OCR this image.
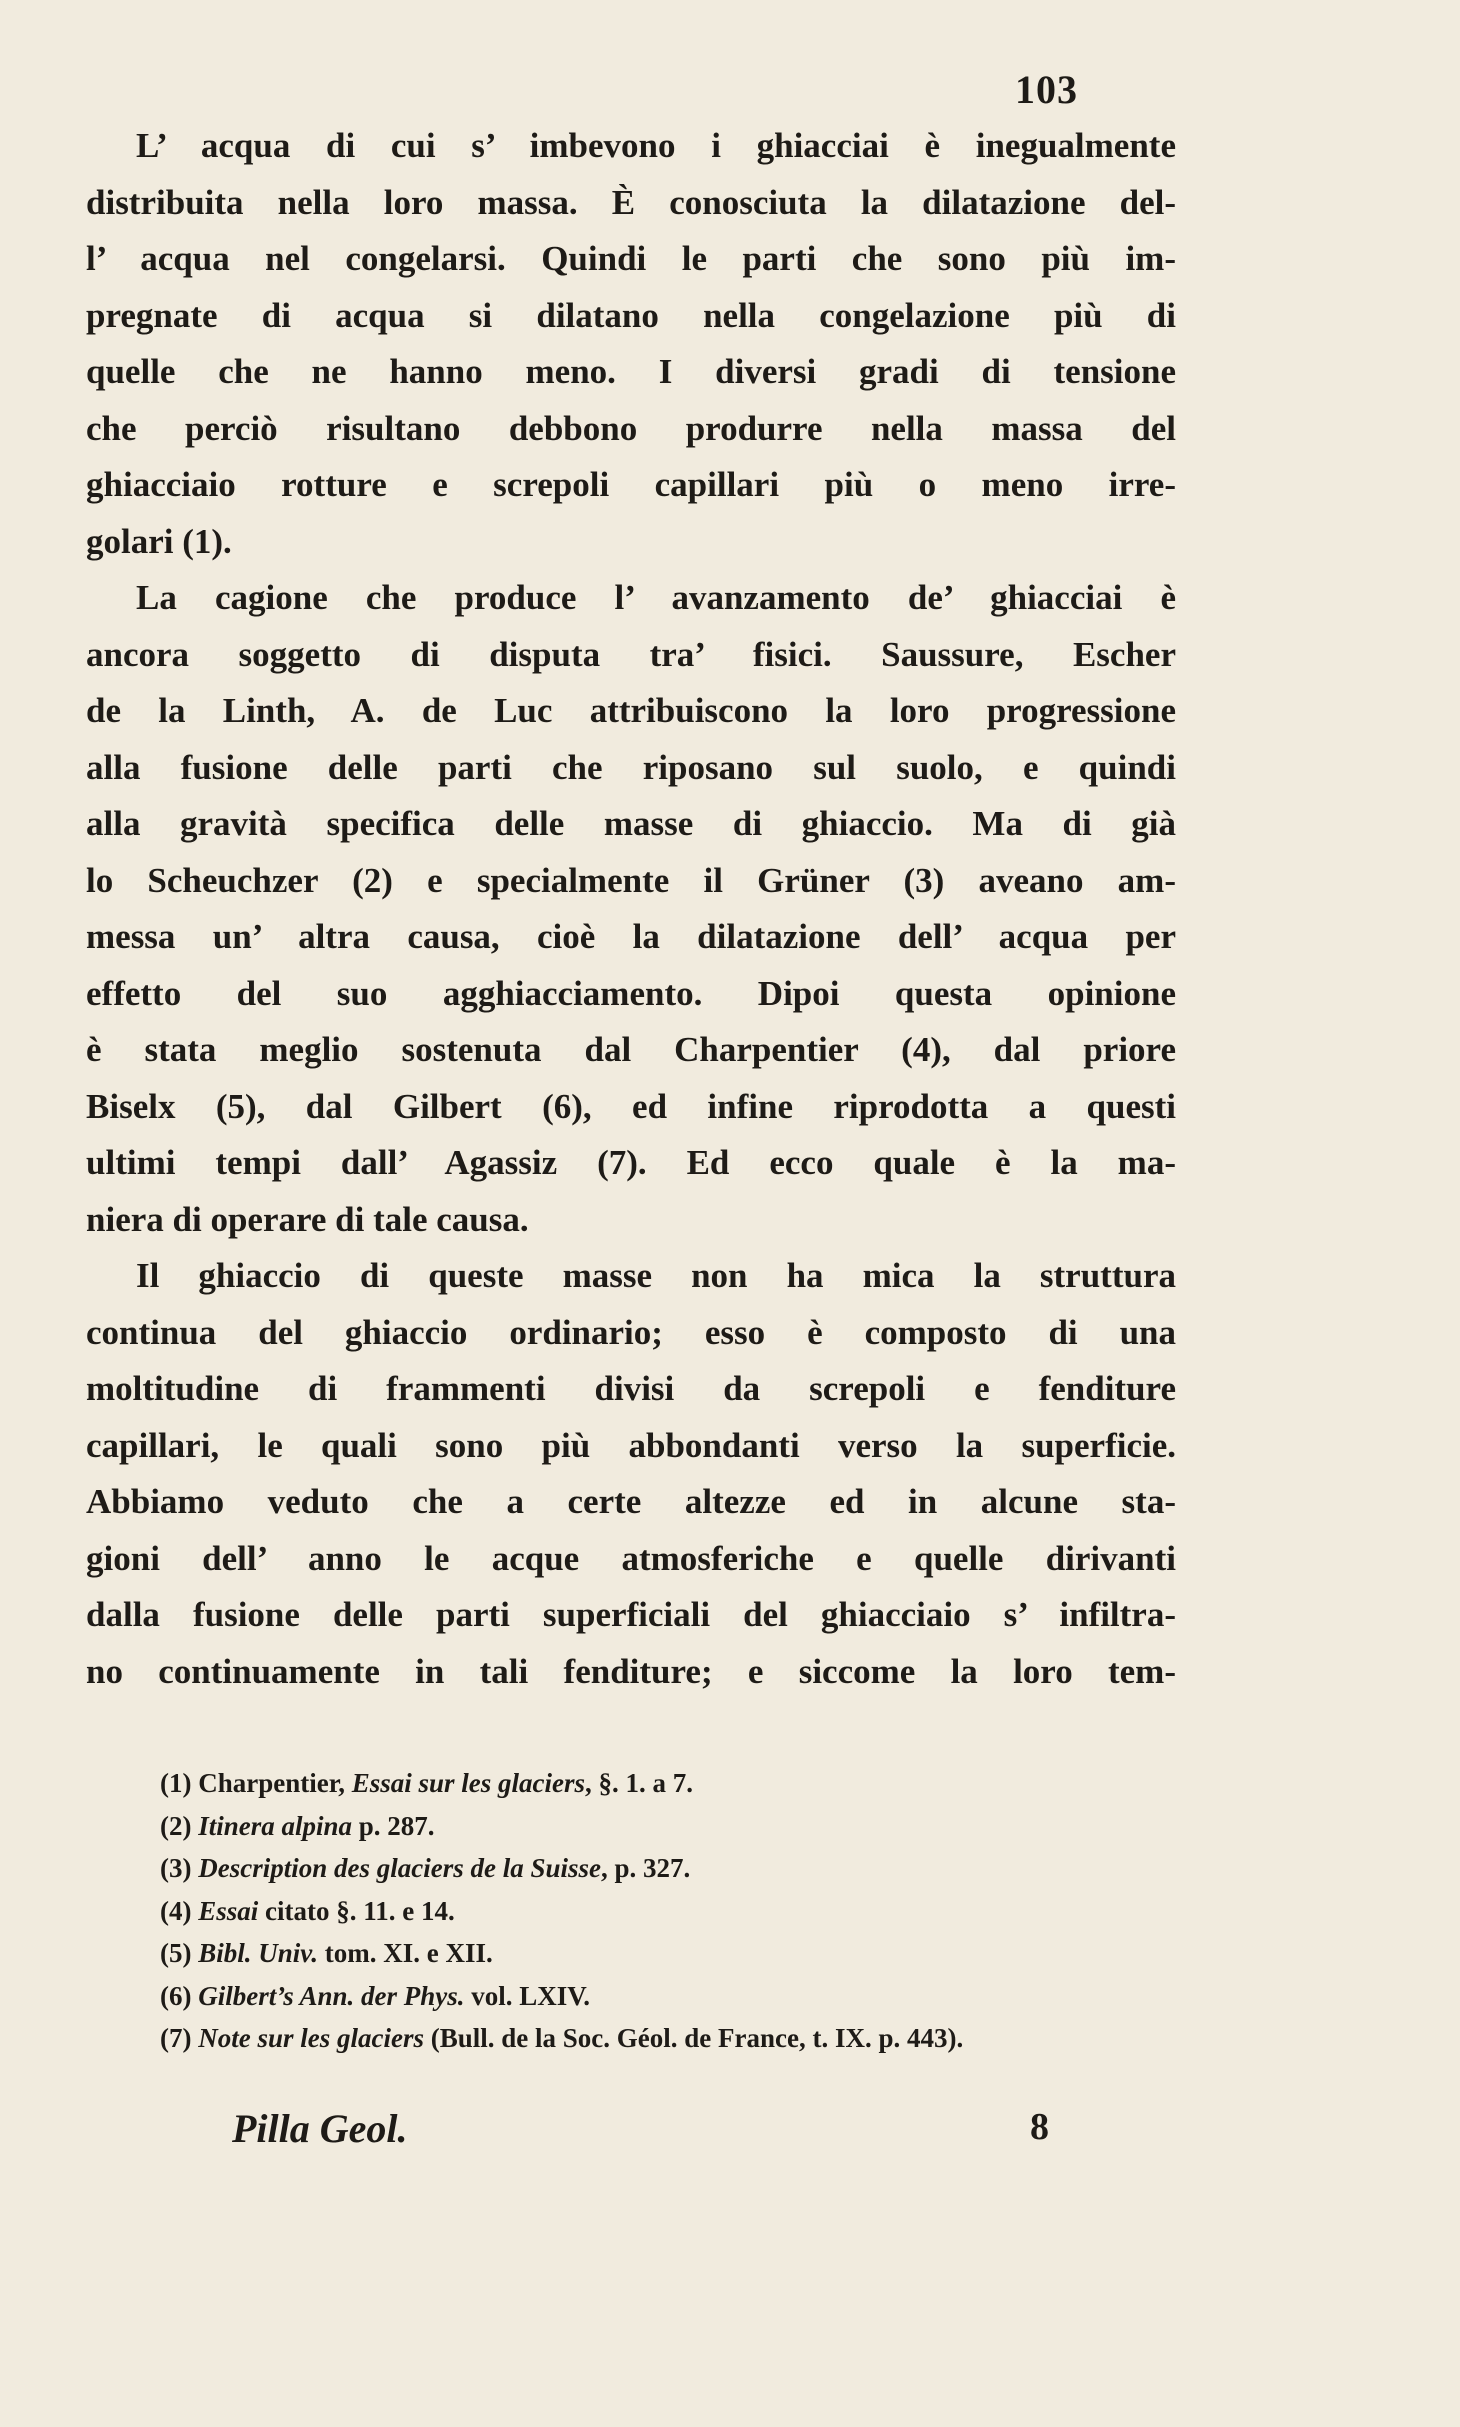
103
L’ acqua di cui s’ imbevono i ghiacciai è inegualmente
distribuita nella loro massa. È conosciuta la dilatazione del-
l’ acqua nel congelarsi. Quindi le parti che sono più im-
pregnate di acqua si dilatano nella congelazione più di
quelle che ne hanno meno. I diversi gradi di tensione
che perciò risultano debbono produrre nella massa del
ghiacciaio rotture e screpoli capillari più o meno irre-
golari (1).
La cagione che produce l’ avanzamento de’ ghiacciai è
ancora soggetto di disputa tra’ fisici. Saussure, Escher
de la Linth, A. de Luc attribuiscono la loro progressione
alla fusione delle parti che riposano sul suolo, e quindi
alla gravità specifica delle masse di ghiaccio. Ma di già
lo Scheuchzer (2) e specialmente il Grüner (3) aveano am-
messa un’ altra causa, cioè la dilatazione dell’ acqua per
effetto del suo agghiacciamento. Dipoi questa opinione
è stata meglio sostenuta dal Charpentier (4), dal priore
Biselx (5), dal Gilbert (6), ed infine riprodotta a questi
ultimi tempi dall’ Agassiz (7). Ed ecco quale è la ma-
niera di operare di tale causa.
Il ghiaccio di queste masse non ha mica la struttura
continua del ghiaccio ordinario; esso è composto di una
moltitudine di frammenti divisi da screpoli e fenditure
capillari, le quali sono più abbondanti verso la superficie.
Abbiamo veduto che a certe altezze ed in alcune sta-
gioni dell’ anno le acque atmosferiche e quelle dirivanti
dalla fusione delle parti superficiali del ghiacciaio s’ infiltra-
no continuamente in tali fenditure; e siccome la loro tem-
(1) Charpentier, Essai sur les glaciers, §. 1. a 7.
(2) Itinera alpina p. 287.
(3) Description des glaciers de la Suisse, p. 327.
(4) Essai citato §. 11. e 14.
(5) Bibl. Univ. tom. XI. e XII.
(6) Gilbert’s Ann. der Phys. vol. LXIV.
(7) Note sur les glaciers (Bull. de la Soc. Géol. de France, t. IX. p. 443).
Pilla Geol.	8
